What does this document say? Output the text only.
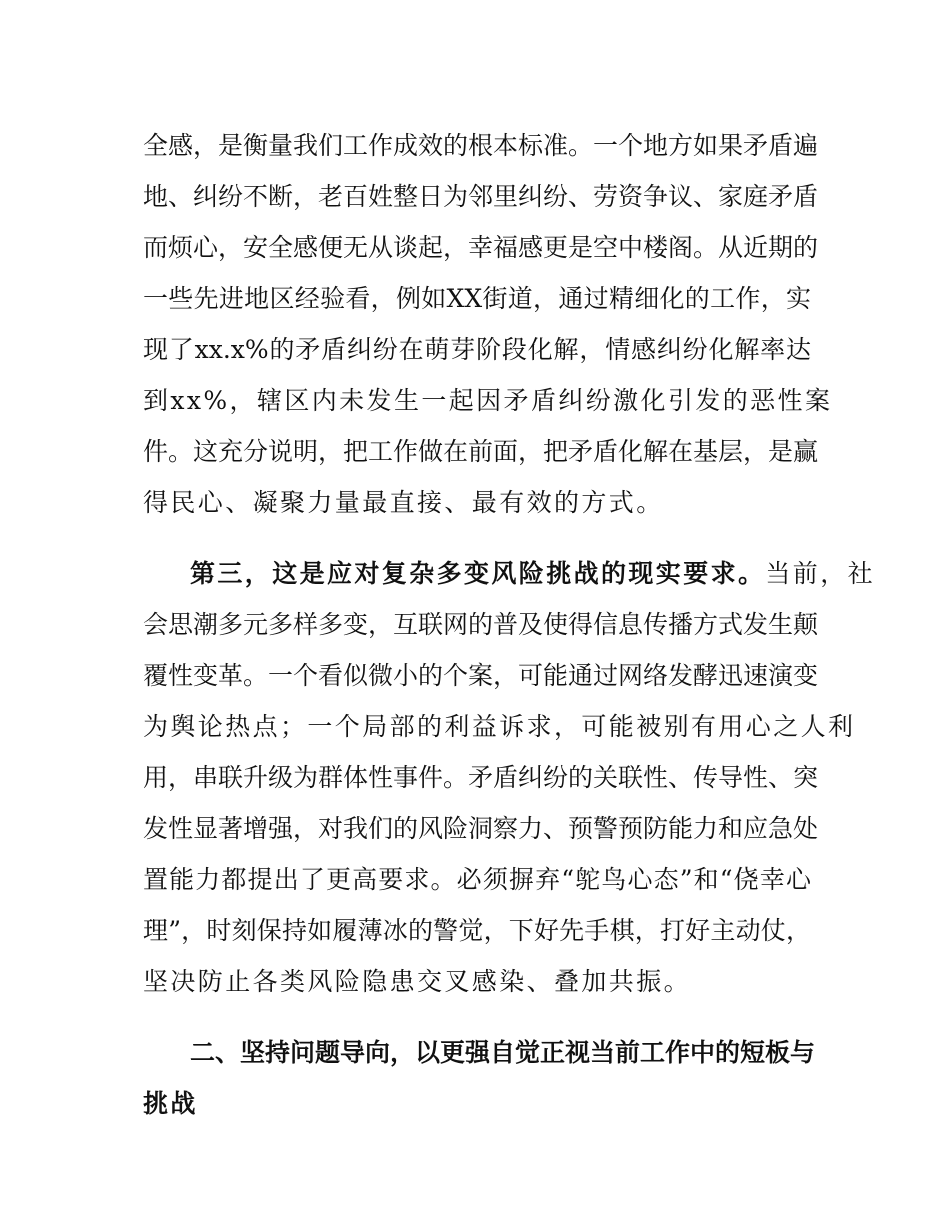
全感，是衡量我们工作成效的根本标准。一个地方如果矛盾遍
地、纠纷不断，老百姓整日为邻里纠纷、劳资争议、家庭矛盾
而烦心，安全感便无从谈起，幸福感更是空中楼阁。从近期的
一些先进地区经验看，例如XX街道，通过精细化的工作，实
现了xx.x%的矛盾纠纷在萌芽阶段化解，情感纠纷化解率达
到xx%，辖区内未发生一起因矛盾纠纷激化引发的恶性案
件。这充分说明，把工作做在前面，把矛盾化解在基层，是赢
得民心、凝聚力量最直接、最有效的方式。
第三，这是应对复杂多变风险挑战的现实要求。当前，社
会思潮多元多样多变，互联网的普及使得信息传播方式发生颠
覆性变革。一个看似微小的个案，可能通过网络发酵迅速演变
为舆论热点；一个局部的利益诉求，可能被别有用心之人利
用，串联升级为群体性事件。矛盾纠纷的关联性、传导性、突
发性显著增强，对我们的风险洞察力、预警预防能力和应急处
置能力都提出了更高要求。必须摒弃“鸵鸟心态”和“侥幸心
理”，时刻保持如履薄冰的警觉，下好先手棋，打好主动仗，
坚决防止各类风险隐患交叉感染、叠加共振。
二、坚持问题导向，以更强自觉正视当前工作中的短板与
挑战
